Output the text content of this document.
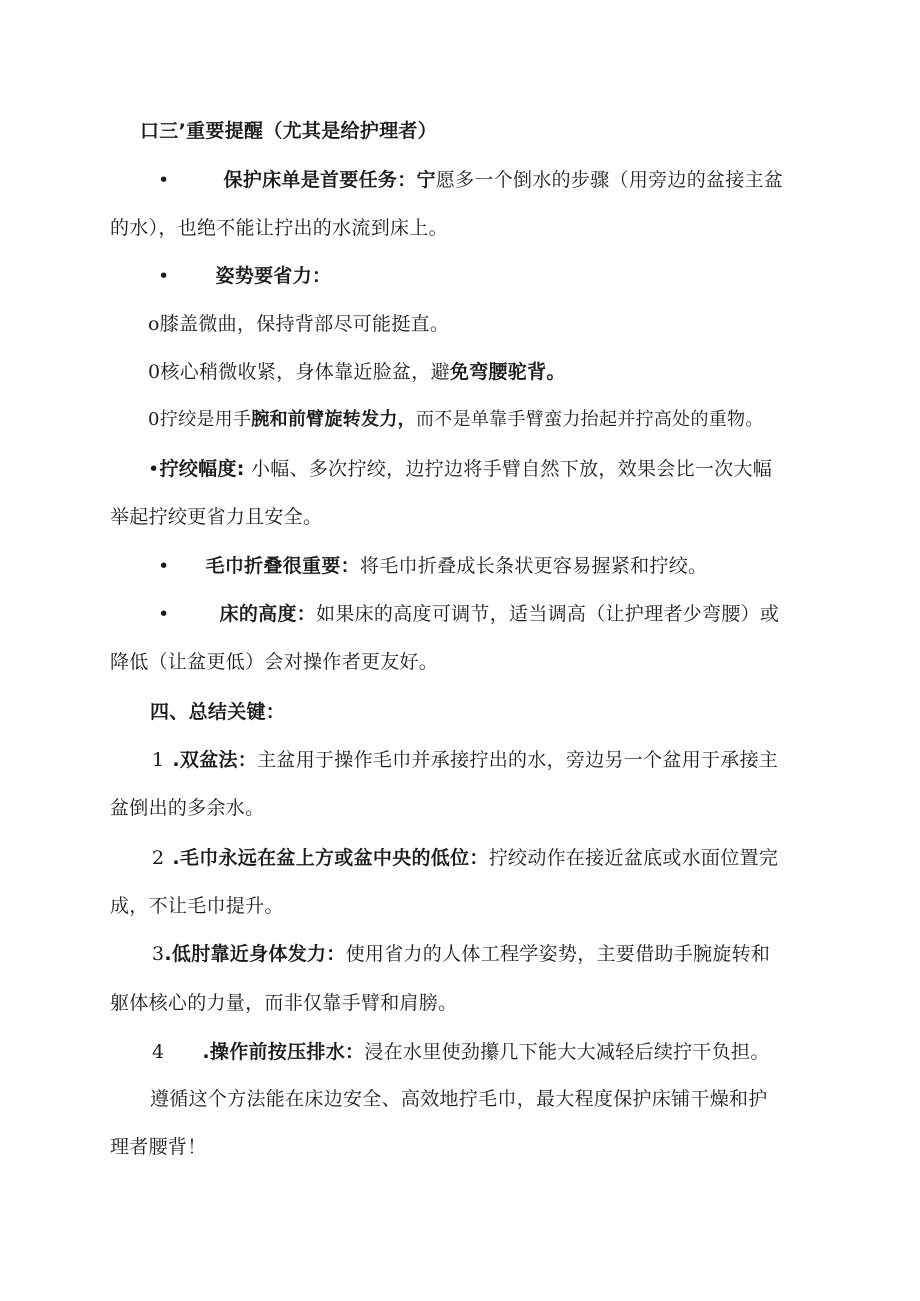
口三’重要提醒（尤其是给护理者）
•	保护床单是首要任务：宁愿多一个倒水的步骤（用旁边的盆接主盆
的水），也绝不能让拧出的水流到床上。
• 姿势要省力：
o膝盖微曲，保持背部尽可能挺直。
0核心稍微收紧，身体靠近脸盆，避免弯腰驼背。
0拧绞是用手腕和前臂旋转发力，而不是单靠手臂蛮力抬起并拧高处的重物。
•拧绞幅度: 小幅、多次拧绞，边拧边将手臂自然下放，效果会比一次大幅
举起拧绞更省力且安全。
• 毛巾折叠很重要：将毛巾折叠成长条状更容易握紧和拧绞。
•	床的高度：如果床的高度可调节，适当调高（让护理者少弯腰）或
降低（让盆更低）会对操作者更友好。
四、总结关键：
1 .双盆法：主盆用于操作毛巾并承接拧出的水，旁边另一个盆用于承接主
盆倒出的多余水。
2 .毛巾永远在盆上方或盆中央的低位：拧绞动作在接近盆底或水面位置完
成，不让毛巾提升。
3.低肘靠近身体发力：使用省力的人体工程学姿势，主要借助手腕旋转和
躯体核心的力量，而非仅靠手臂和肩膀。
4 .操作前按压排水：浸在水里使劲攥几下能大大减轻后续拧干负担。
遵循这个方法能在床边安全、高效地拧毛巾，最大程度保护床铺干燥和护
理者腰背！
